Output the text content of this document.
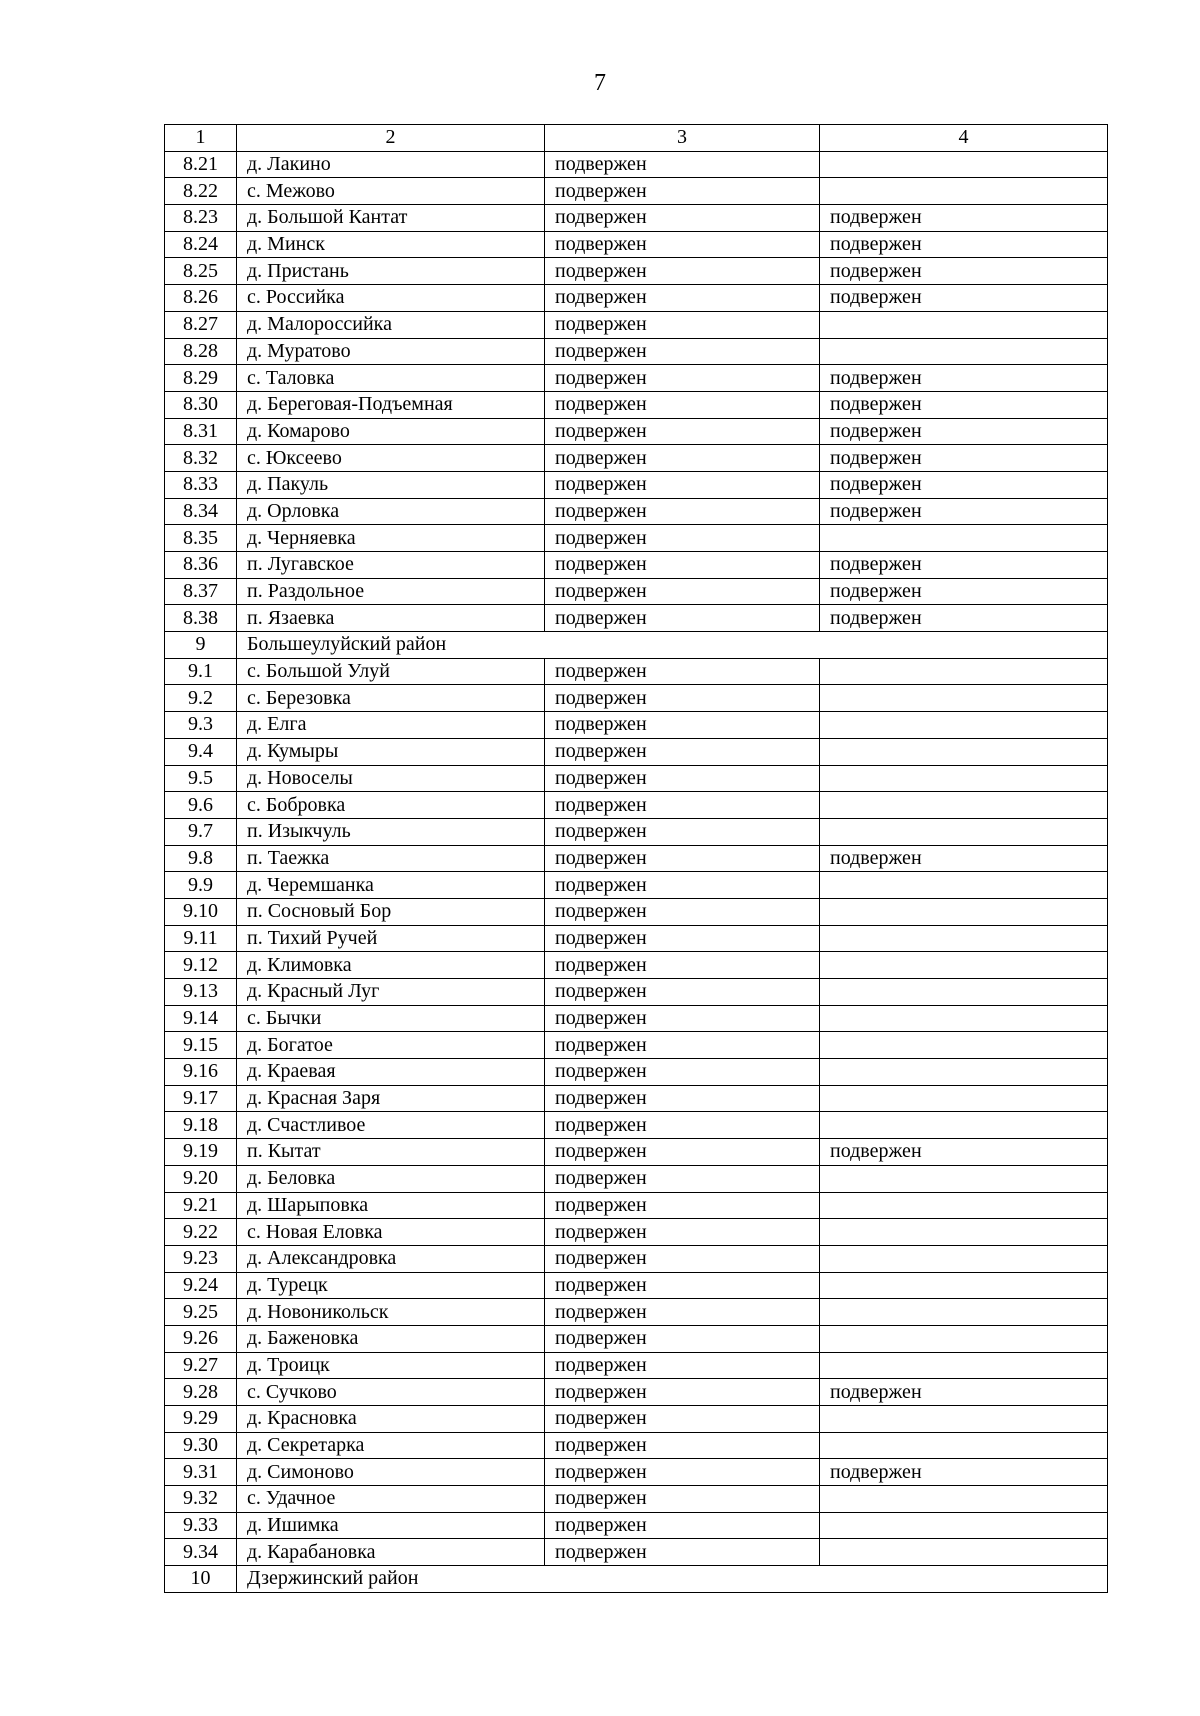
7
1	2	3	4
8.21	д. Лакино	подвержен	
8.22	с. Межово	подвержен	
8.23	д. Большой Кантат	подвержен	подвержен
8.24	д. Минск	подвержен	подвержен
8.25	д. Пристань	подвержен	подвержен
8.26	с. Российка	подвержен	подвержен
8.27	д. Малороссийка	подвержен	
8.28	д. Муратово	подвержен	
8.29	с. Таловка	подвержен	подвержен
8.30	д. Береговая-Подъемная	подвержен	подвержен
8.31	д. Комарово	подвержен	подвержен
8.32	с. Юксеево	подвержен	подвержен
8.33	д. Пакуль	подвержен	подвержен
8.34	д. Орловка	подвержен	подвержен
8.35	д. Черняевка	подвержен	
8.36	п. Лугавское	подвержен	подвержен
8.37	п. Раздольное	подвержен	подвержен
8.38	п. Язаевка	подвержен	подвержен
9	Большеулуйский район		
9.1	с. Большой Улуй	подвержен	
9.2	с. Березовка	подвержен	
9.3	д. Елга	подвержен	
9.4	д. Кумыры	подвержен	
9.5	д. Новоселы	подвержен	
9.6	с. Бобровка	подвержен	
9.7	п. Изыкчуль	подвержен	
9.8	п. Таежка	подвержен	подвержен
9.9	д. Черемшанка	подвержен	
9.10	п. Сосновый Бор	подвержен	
9.11	п. Тихий Ручей	подвержен	
9.12	д. Климовка	подвержен	
9.13	д. Красный Луг	подвержен	
9.14	с. Бычки	подвержен	
9.15	д. Богатое	подвержен	
9.16	д. Краевая	подвержен	
9.17	д. Красная Заря	подвержен	
9.18	д. Счастливое	подвержен	
9.19	п. Кытат	подвержен	подвержен
9.20	д. Беловка	подвержен	
9.21	д. Шарыповка	подвержен	
9.22	с. Новая Еловка	подвержен	
9.23	д. Александровка	подвержен	
9.24	д. Турецк	подвержен	
9.25	д. Новоникольск	подвержен	
9.26	д. Баженовка	подвержен	
9.27	д. Троицк	подвержен	
9.28	с. Сучково	подвержен	подвержен
9.29	д. Красновка	подвержен	
9.30	д. Секретарка	подвержен	
9.31	д. Симоново	подвержен	подвержен
9.32	с. Удачное	подвержен	
9.33	д. Ишимка	подвержен	
9.34	д. Карабановка	подвержен	
10	Дзержинский район		
